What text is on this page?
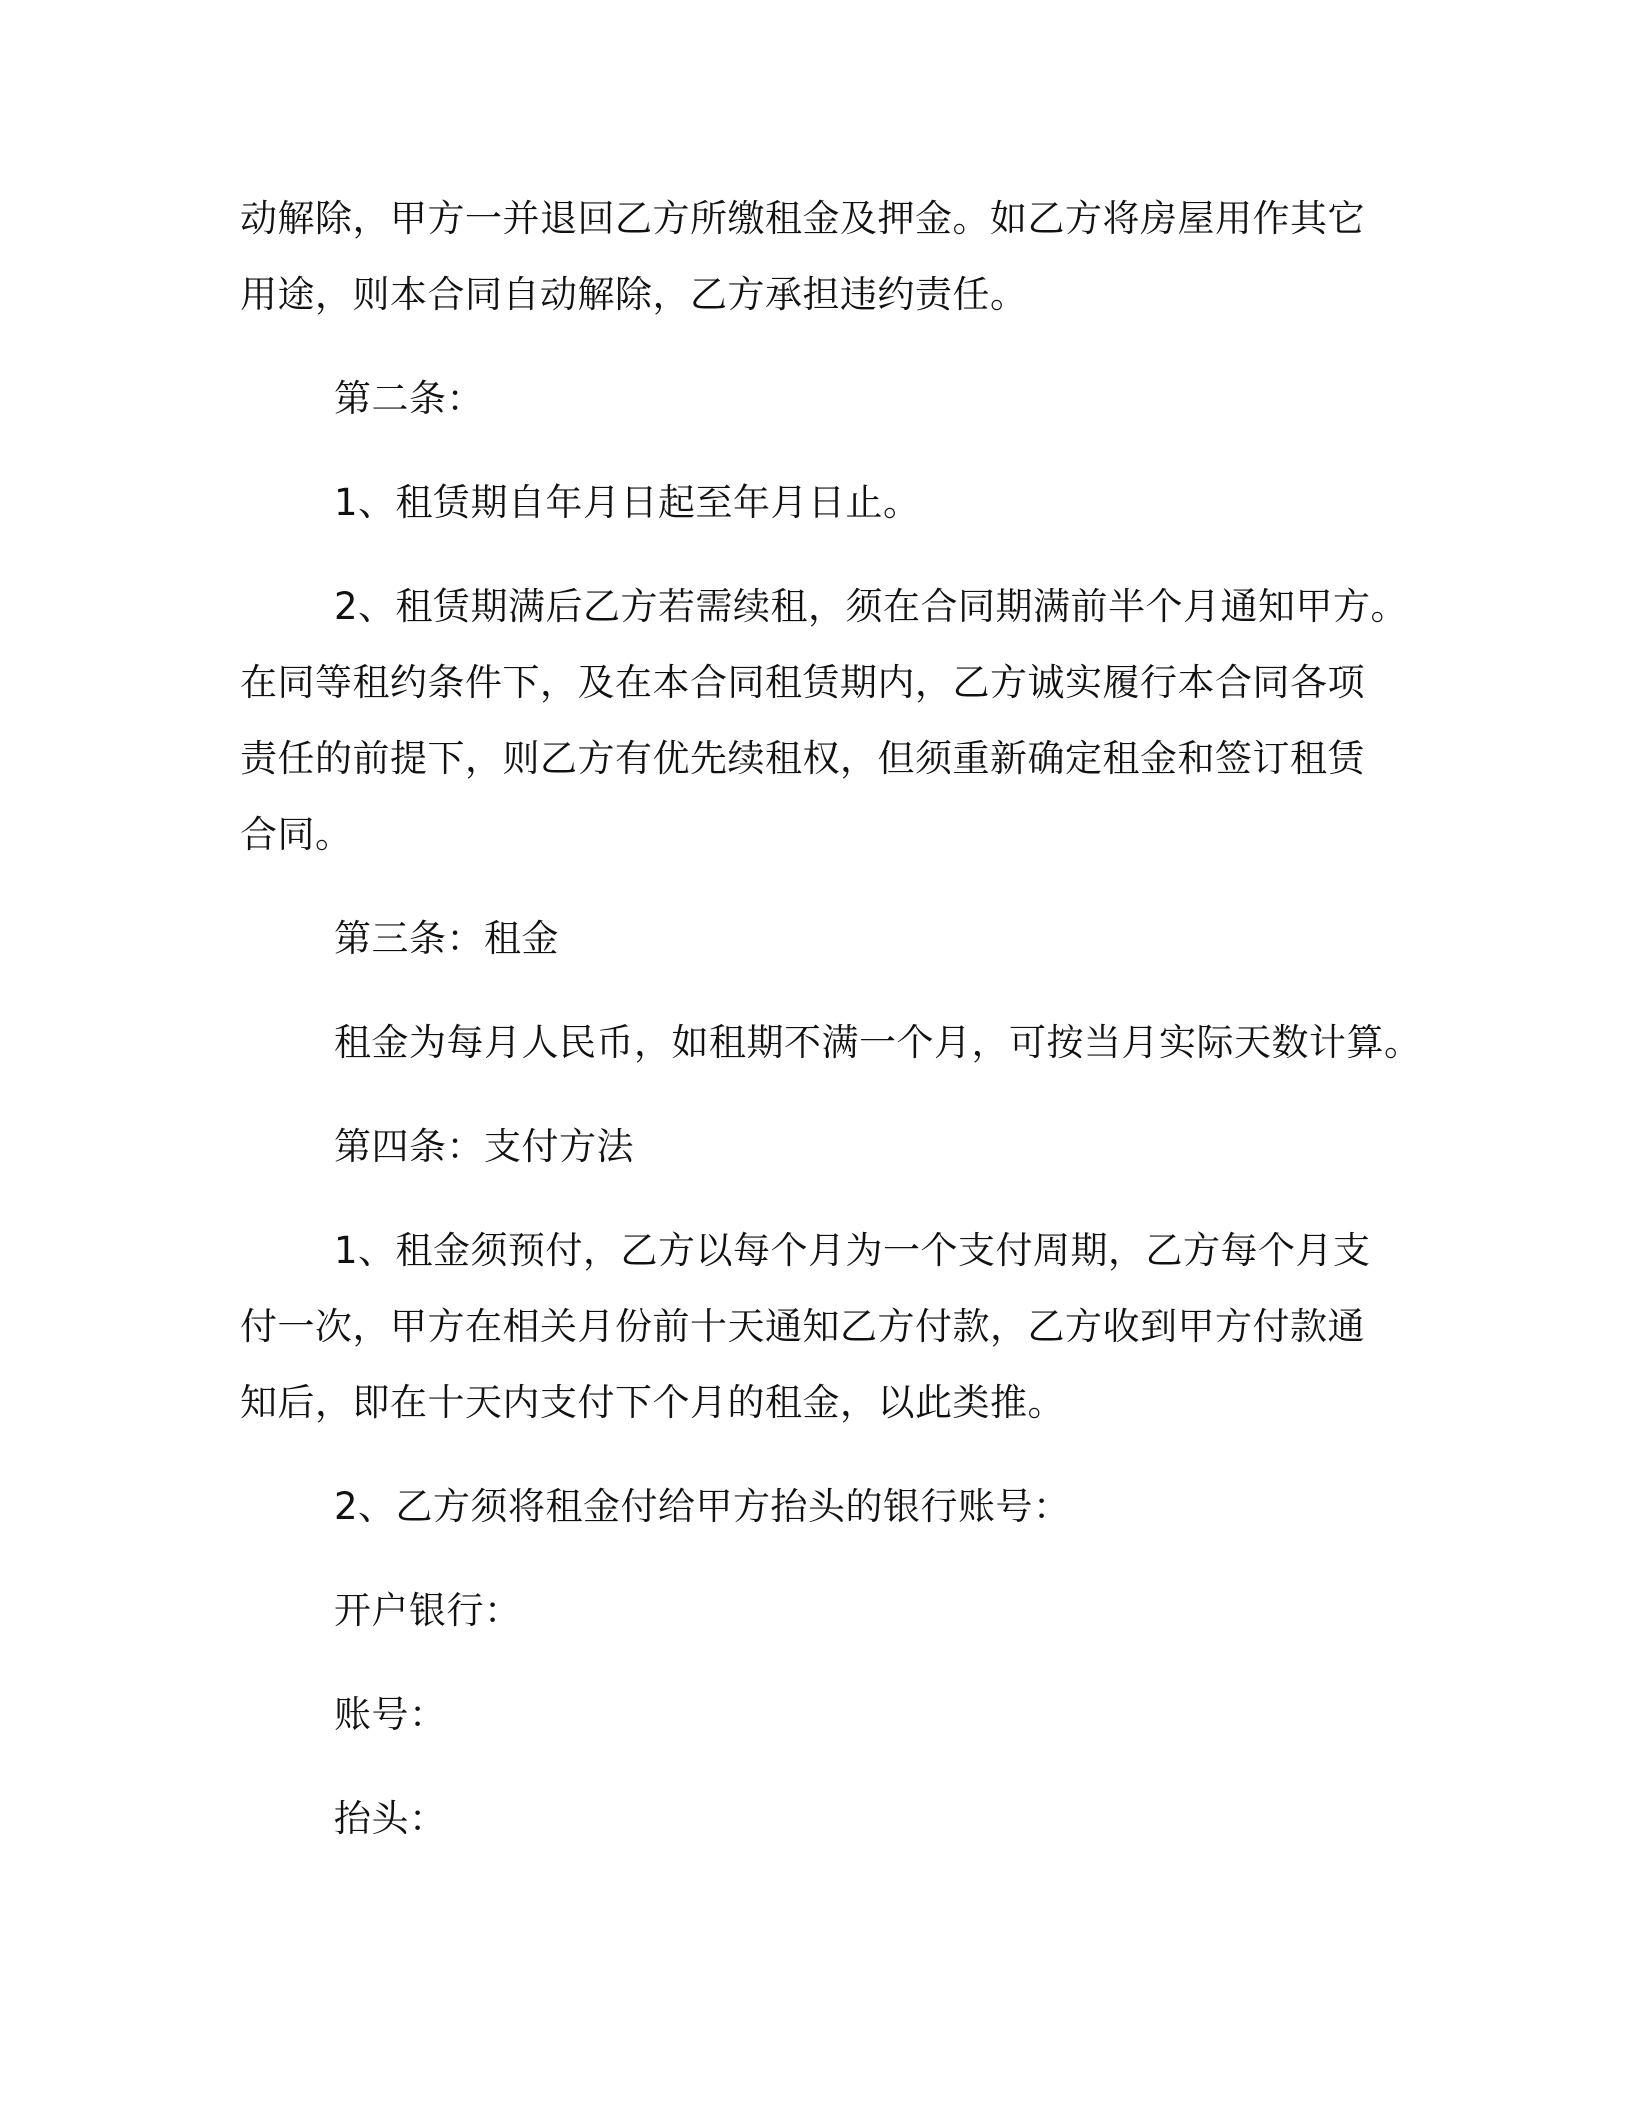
动解除，甲方一并退回乙方所缴租金及押金。如乙方将房屋用作其它
用途，则本合同自动解除，乙方承担违约责任。
第二条：
1、租赁期自年月日起至年月日止。
2、租赁期满后乙方若需续租，须在合同期满前半个月通知甲方。
在同等租约条件下，及在本合同租赁期内，乙方诚实履行本合同各项
责任的前提下，则乙方有优先续租权，但须重新确定租金和签订租赁
合同。
第三条：租金
租金为每月人民币，如租期不满一个月，可按当月实际天数计算。
第四条：支付方法
1、租金须预付，乙方以每个月为一个支付周期，乙方每个月支
付一次，甲方在相关月份前十天通知乙方付款，乙方收到甲方付款通
知后，即在十天内支付下个月的租金，以此类推。
2、乙方须将租金付给甲方抬头的银行账号：
开户银行：
账号：
抬头：
